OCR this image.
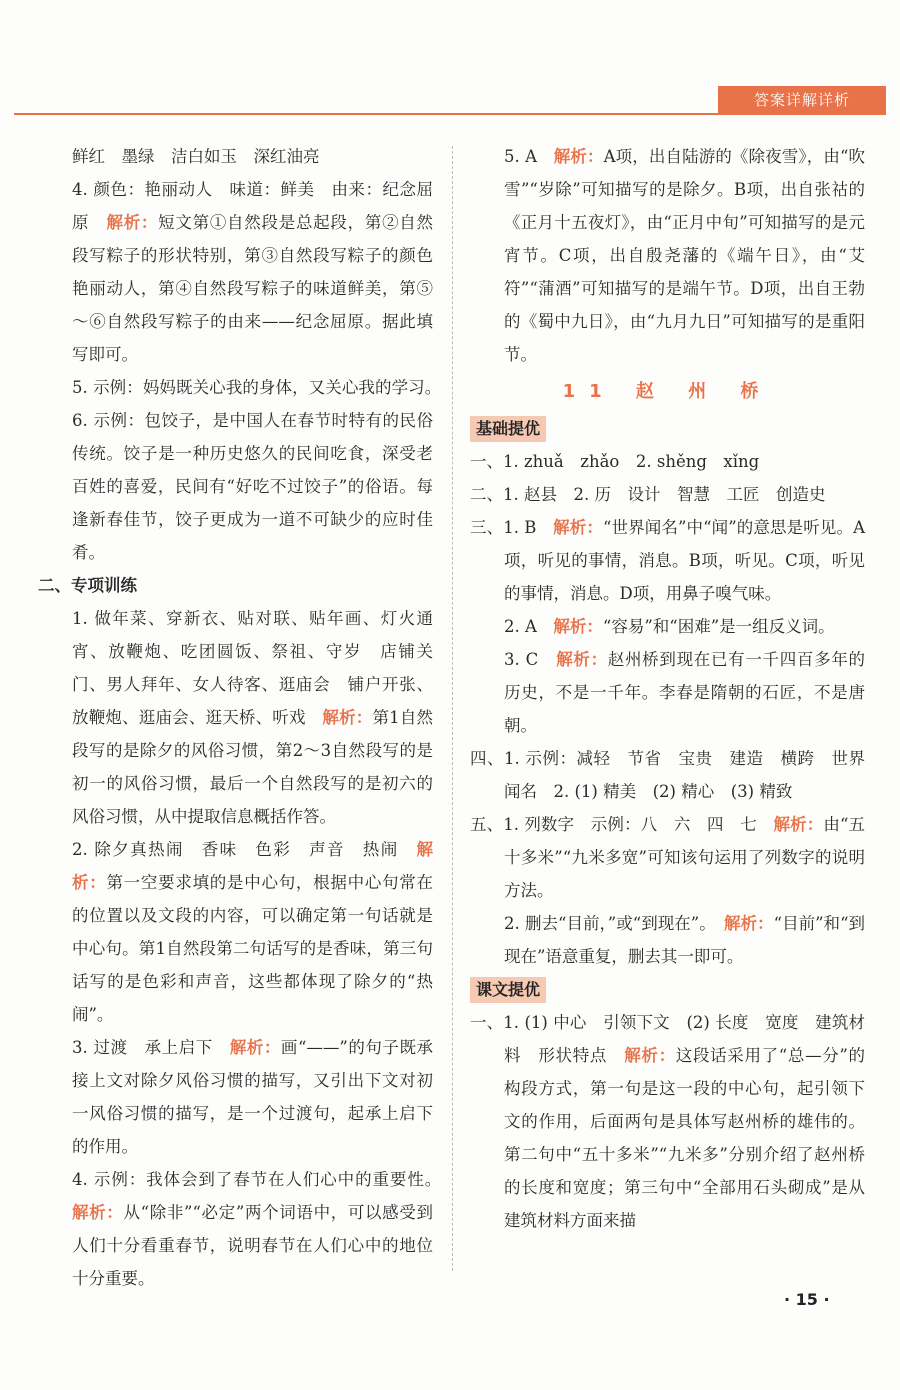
答案详解详析

鲜红　墨绿　洁白如玉　深红油亮

4. 颜色：艳丽动人　味道：鲜美　由来：纪念屈原　 解析：短文第①自然段是总起段，第②自然段写粽子的形状特别，第③自然段写粽子的颜色艳丽动人，第④自然段写粽子的味道鲜美，第⑤～⑥自然段写粽子的由来——纪念屈原。据此填写即可。

5. 示例：妈妈既关心我的身体，又关心我的学习。　6. 示例：包饺子，是中国人在春节时特有的民俗传统。饺子是一种历史悠久的民间吃食，深受老百姓的喜爱，民间有“好吃不过饺子”的俗语。每逢新春佳节，饺子更成为一道不可缺少的应时佳肴。

二、专项训练

1. 做年菜、穿新衣、贴对联、贴年画、灯火通宵、放鞭炮、吃团圆饭、祭祖、守岁　店铺关门、男人拜年、女人待客、逛庙会　铺户开张、放鞭炮、逛庙会、逛天桥、听戏　 解析：第1自然段写的是除夕的风俗习惯，第2～3自然段写的是初一的风俗习惯，最后一个自然段写的是初六的风俗习惯，从中提取信息概括作答。

2. 除夕真热闹　香味　色彩　声音　热闹　 解析：第一空要求填的是中心句，根据中心句常在的位置以及文段的内容，可以确定第一句话就是中心句。第1自然段第二句话写的是香味，第三句话写的是色彩和声音，这些都体现了除夕的“热闹”。

3. 过渡　承上启下　 解析：画“——”的句子既承接上文对除夕风俗习惯的描写，又引出下文对初一风俗习惯的描写，是一个过渡句，起承上启下的作用。

4. 示例：我体会到了春节在人们心中的重要性。　解析：从“除非”“必定”两个词语中，可以感受到人们十分看重春节，说明春节在人们心中的地位十分重要。

5. A　 解析：A项，出自陆游的《除夜雪》，由“吹雪”“岁除”可知描写的是除夕。B项，出自张祜的《正月十五夜灯》，由“正月中旬”可知描写的是元宵节。C项，出自殷尧藩的《端午日》，由“艾符”“蒲酒”可知描写的是端午节。D项，出自王勃的《蜀中九日》，由“九月九日”可知描写的是重阳节。

11 赵 州 桥

基础提优

一、1. zhuǎ　zhǎo　2. shěng　xǐng

二、1. 赵县　2. 历　设计　智慧　工匠　创造史

三、1. B　 解析：“世界闻名”中“闻”的意思是听见。A项，听见的事情，消息。B项，听见。C项，听见的事情，消息。D项，用鼻子嗅气味。

2. A　 解析：“容易”和“困难”是一组反义词。

3. C　 解析：赵州桥到现在已有一千四百多年的历史，不是一千年。李春是隋朝的石匠，不是唐朝。

四、1. 示例：减轻　节省　宝贵　建造　横跨　世界闻名　2. (1) 精美　(2) 精心　(3) 精致

五、1. 列数字　示例：八　六　四　七　 解析：由“五十多米”“九米多宽”可知该句运用了列数字的说明方法。

2. 删去“目前，”或“到现在”。　 解析：“目前”和“到现在”语意重复，删去其一即可。

课文提优

一、1. (1) 中心　引领下文　(2) 长度　宽度　建筑材料　形状特点　 解析：这段话采用了“总—分”的构段方式，第一句是这一段的中心句，起引领下文的作用，后面两句是具体写赵州桥的雄伟的。第二句中“五十多米”“九米多”分别介绍了赵州桥的长度和宽度；第三句中“全部用石头砌成”是从建筑材料方面来描

· 15 ·
